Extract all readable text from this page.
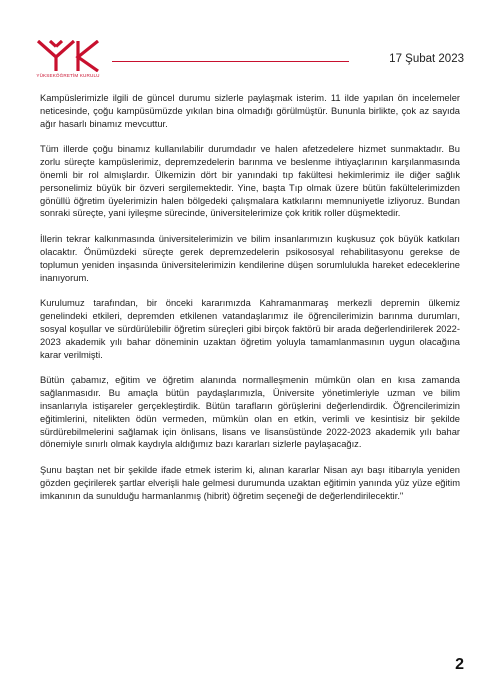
YÜKSEKÖĞRETİM KURULU
17 Şubat 2023

Kampüslerimizle ilgili de güncel durumu sizlerle paylaşmak isterim. 11 ilde yapılan ön incelemeler neticesinde, çoğu kampüsümüzde yıkılan bina olmadığı görülmüştür. Bununla birlikte, çok az sayıda ağır hasarlı binamız mevcuttur.

Tüm illerde çoğu binamız kullanılabilir durumdadır ve halen afetzedelere hizmet sunmaktadır. Bu zorlu süreçte kampüslerimiz, depremzedelerin barınma ve beslenme ihtiyaçlarının karşılanmasında önemli bir rol almışlardır. Ülkemizin dört bir yanındaki tıp fakültesi hekimlerimiz ile diğer sağlık personelimiz büyük bir özveri sergilemektedir. Yine, başta Tıp olmak üzere bütün fakültelerimizden gönüllü öğretim üyelerimizin halen bölgedeki çalışmalara katkılarını memnuniyetle izliyoruz. Bundan sonraki süreçte, yani iyileşme sürecinde, üniversitelerimize çok kritik roller düşmektedir.

İllerin tekrar kalkınmasında üniversitelerimizin ve bilim insanlarımızın kuşkusuz çok büyük katkıları olacaktır. Önümüzdeki süreçte gerek depremzedelerin psikososyal rehabilitasyonu gerekse de toplumun yeniden inşasında üniversitelerimizin kendilerine düşen sorumlulukla hareket edeceklerine inanıyorum.

Kurulumuz tarafından, bir önceki kararımızda Kahramanmaraş merkezli depremin ülkemiz genelindeki etkileri, depremden etkilenen vatandaşlarımız ile öğrencilerimizin barınma durumları, sosyal koşullar ve sürdürülebilir öğretim süreçleri gibi birçok faktörü bir arada değerlendirilerek 2022-2023 akademik yılı bahar döneminin uzaktan öğretim yoluyla tamamlanmasının uygun olacağına karar verilmişti.

Bütün çabamız, eğitim ve öğretim alanında normalleşmenin mümkün olan en kısa zamanda sağlanmasıdır. Bu amaçla bütün paydaşlarımızla, Üniversite yönetimleriyle uzman ve bilim insanlarıyla istişareler gerçekleştirdik. Bütün tarafların görüşlerini değerlendirdik. Öğrencilerimizin eğitimlerini, nitelikten ödün vermeden, mümkün olan en etkin, verimli ve kesintisiz bir şekilde sürdürebilmelerini sağlamak için önlisans, lisans ve lisansüstünde 2022-2023 akademik yılı bahar dönemiyle sınırlı olmak kaydıyla aldığımız bazı kararları sizlerle paylaşacağız.

Şunu baştan net bir şekilde ifade etmek isterim ki, alınan kararlar Nisan ayı başı itibarıyla yeniden gözden geçirilerek şartlar elverişli hale gelmesi durumunda uzaktan eğitimin yanında yüz yüze eğitim imkanının da sunulduğu harmanlanmış (hibrit) öğretim seçeneği de değerlendirilecektir."

2
